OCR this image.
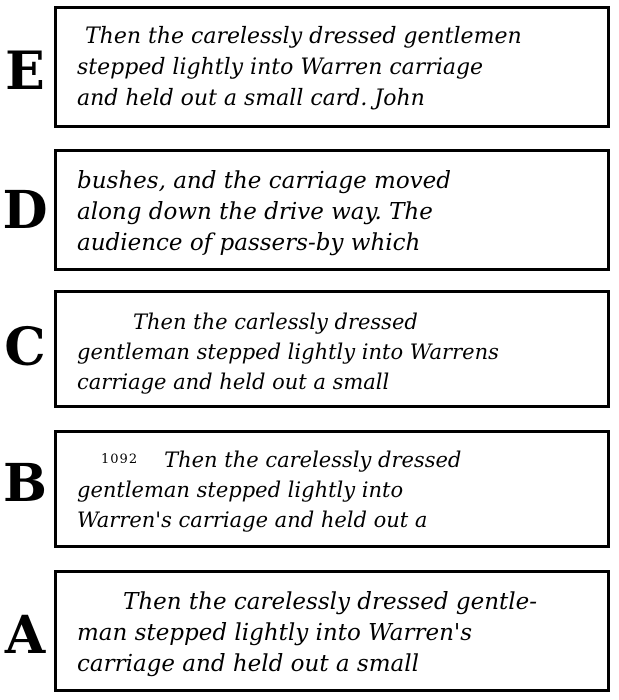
E
Then the carelessly dressed gentlemen
stepped lightly into Warren carriage
and held out a small card. John
D bushes, and the carriage moved
along down the drive way. The
audience of passers-by which
C	Then the carlessly dressed
gentleman stepped lightly into Warrens
carriage and held out a small
B	1092 Then the carelessly dressed
gentleman stepped lightly into
Warren's carriage and held out a
A
Then the carelessly dressed gentle-
man stepped lightly into Warren's
carriage and held out a small
